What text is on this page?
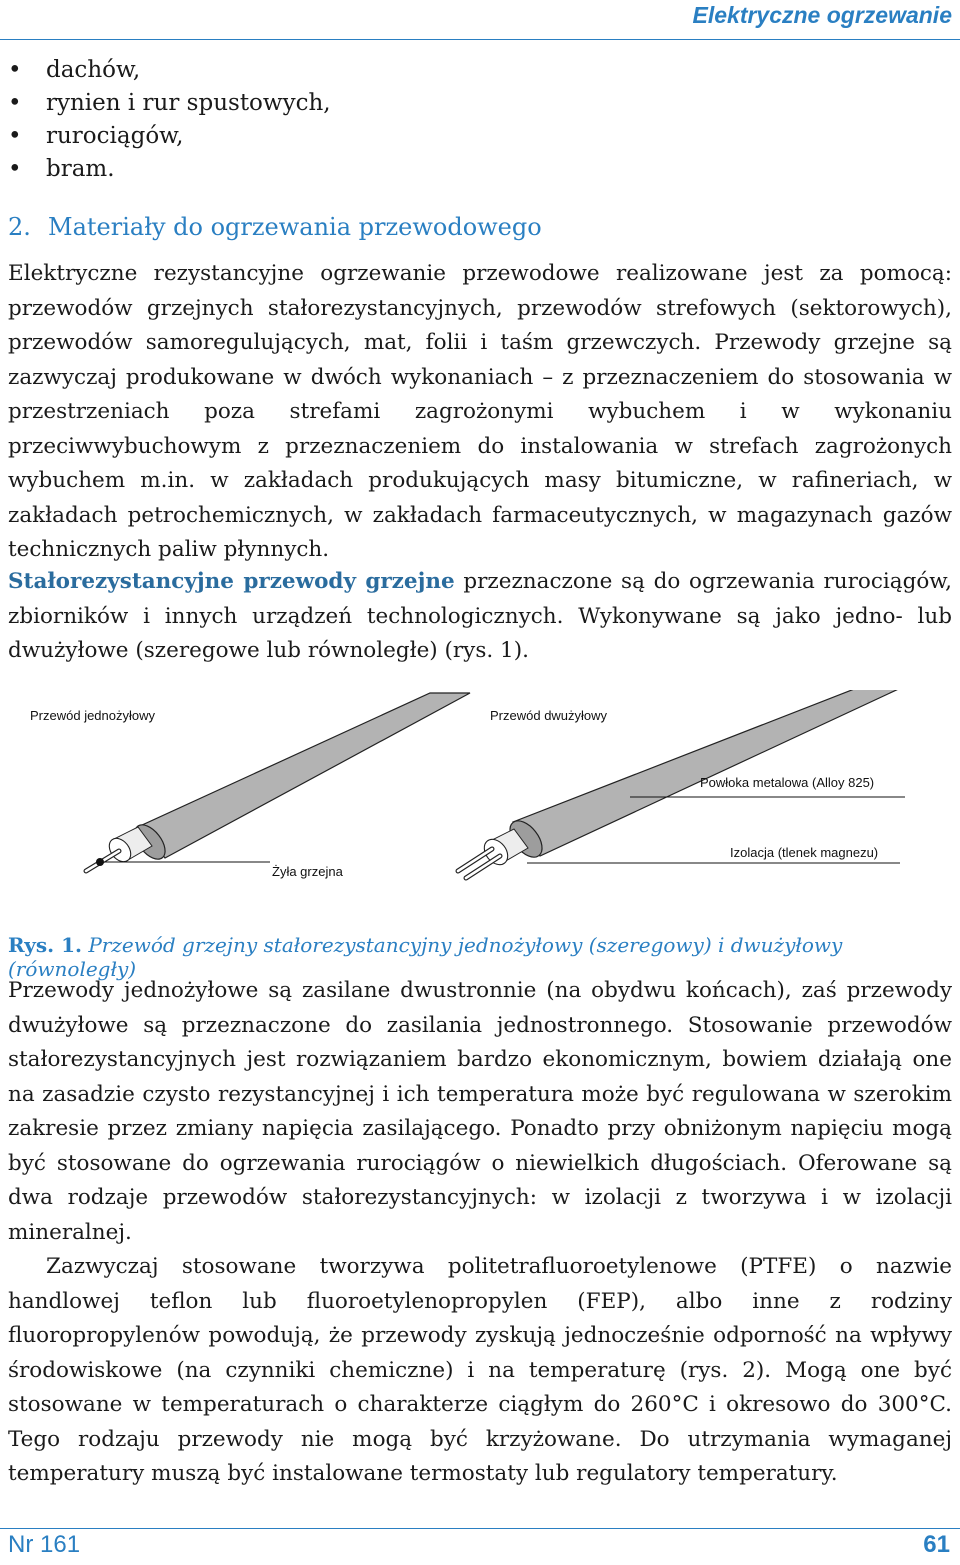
Elektryczne ogrzewanie
• dachów,
• rynien i rur spustowych,
• rurociągów,
• bram.
2. Materiały do ogrzewania przewodowego

Elektryczne rezystancyjne ogrzewanie przewodowe realizowane jest za pomocą: przewodów grzejnych stałorezystancyjnych, przewodów strefowych (sektorowych), przewodów samoregulujących, mat, folii i taśm grzewczych. Przewody grzejne są zazwyczaj produkowane w dwóch wykonaniach – z przeznaczeniem do stosowania w przestrzeniach poza strefami zagrożonymi wybuchem i w wykonaniu przeciwwybuchowym z przeznaczeniem do instalowania w strefach zagrożonych wybuchem m.in. w zakładach produkujących masy bitumiczne, w rafineriach, w zakładach petrochemicznych, w zakładach farmaceutycznych, w magazynach gazów technicznych paliw płynnych.

Stałorezystancyjne przewody grzejne przeznaczone są do ogrzewania rurociągów, zbiorników i innych urządzeń technologicznych. Wykonywane są jako jedno- lub dwużyłowe (szeregowe lub równoległe) (rys. 1).

Przewód jednożyłowy	Przewód dwużyłowy
Powłoka metalowa (Alloy 825)
Izolacja (tlenek magnezu)
Żyła grzejna
Rys. 1. Przewód grzejny stałorezystancyjny jednożyłowy (szeregowy) i dwużyłowy (równoległy)

Przewody jednożyłowe są zasilane dwustronnie (na obydwu końcach), zaś przewody dwużyłowe są przeznaczone do zasilania jednostronnego. Stosowanie przewodów stałorezystancyjnych jest rozwiązaniem bardzo ekonomicznym, bowiem działają one na zasadzie czysto rezystancyjnej i ich temperatura może być regulowana w szerokim zakresie przez zmiany napięcia zasilającego. Ponadto przy obniżonym napięciu mogą być stosowane do ogrzewania rurociągów o niewielkich długościach. Oferowane są dwa rodzaje przewodów stałorezystancyjnych: w izolacji z tworzywa i w izolacji mineralnej.

Zazwyczaj stosowane tworzywa politetrafluoroetylenowe (PTFE) o nazwie handlowej teflon lub fluoroetylenopropylen (FEP), albo inne z rodziny fluoropropylenów powodują, że przewody zyskują jednocześnie odporność na wpływy środowiskowe (na czynniki chemiczne) i na temperaturę (rys. 2). Mogą one być stosowane w temperaturach o charakterze ciągłym do 260°C i okresowo do 300°C. Tego rodzaju przewody nie mogą być krzyżowane. Do utrzymania wymaganej temperatury muszą być instalowane termostaty lub regulatory temperatury.

Nr 161	61
